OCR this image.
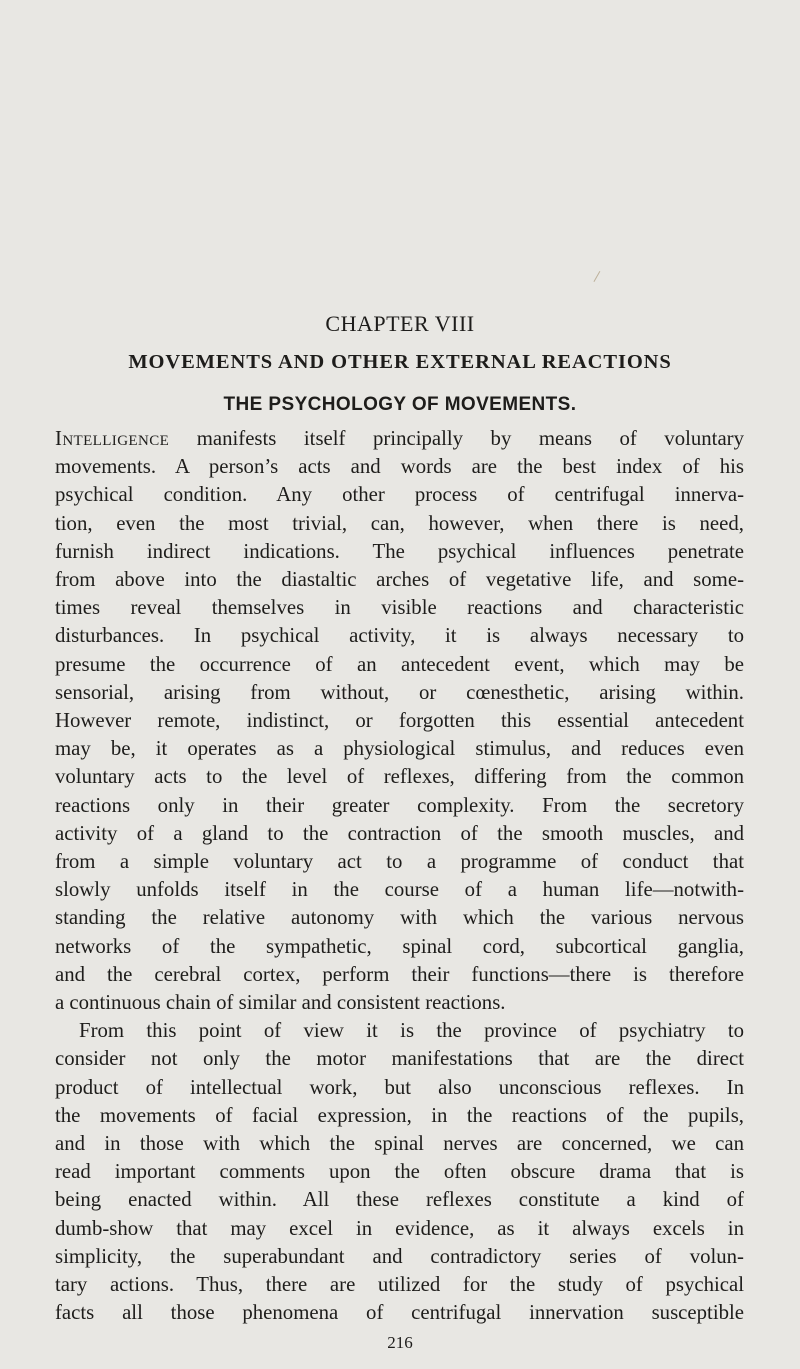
CHAPTER VIII
MOVEMENTS AND OTHER EXTERNAL REACTIONS
THE PSYCHOLOGY OF MOVEMENTS.
Intelligence manifests itself principally by means of voluntary
movements. A person’s acts and words are the best index of his
psychical condition. Any other process of centrifugal innerva-
tion, even the most trivial, can, however, when there is need,
furnish indirect indications. The psychical influences penetrate
from above into the diastaltic arches of vegetative life, and some-
times reveal themselves in visible reactions and characteristic
disturbances. In psychical activity, it is always necessary to
presume the occurrence of an antecedent event, which may be
sensorial, arising from without, or cœnesthetic, arising within.
However remote, indistinct, or forgotten this essential antecedent
may be, it operates as a physiological stimulus, and reduces even
voluntary acts to the level of reflexes, differing from the common
reactions only in their greater complexity. From the secretory
activity of a gland to the contraction of the smooth muscles, and
from a simple voluntary act to a programme of conduct that
slowly unfolds itself in the course of a human life—notwith-
standing the relative autonomy with which the various nervous
networks of the sympathetic, spinal cord, subcortical ganglia,
and the cerebral cortex, perform their functions—there is therefore
a continuous chain of similar and consistent reactions.
From this point of view it is the province of psychiatry to
consider not only the motor manifestations that are the direct
product of intellectual work, but also unconscious reflexes. In
the movements of facial expression, in the reactions of the pupils,
and in those with which the spinal nerves are concerned, we can
read important comments upon the often obscure drama that is
being enacted within. All these reflexes constitute a kind of
dumb-show that may excel in evidence, as it always excels in
simplicity, the superabundant and contradictory series of volun-
tary actions. Thus, there are utilized for the study of psychical
facts all those phenomena of centrifugal innervation susceptible
216
